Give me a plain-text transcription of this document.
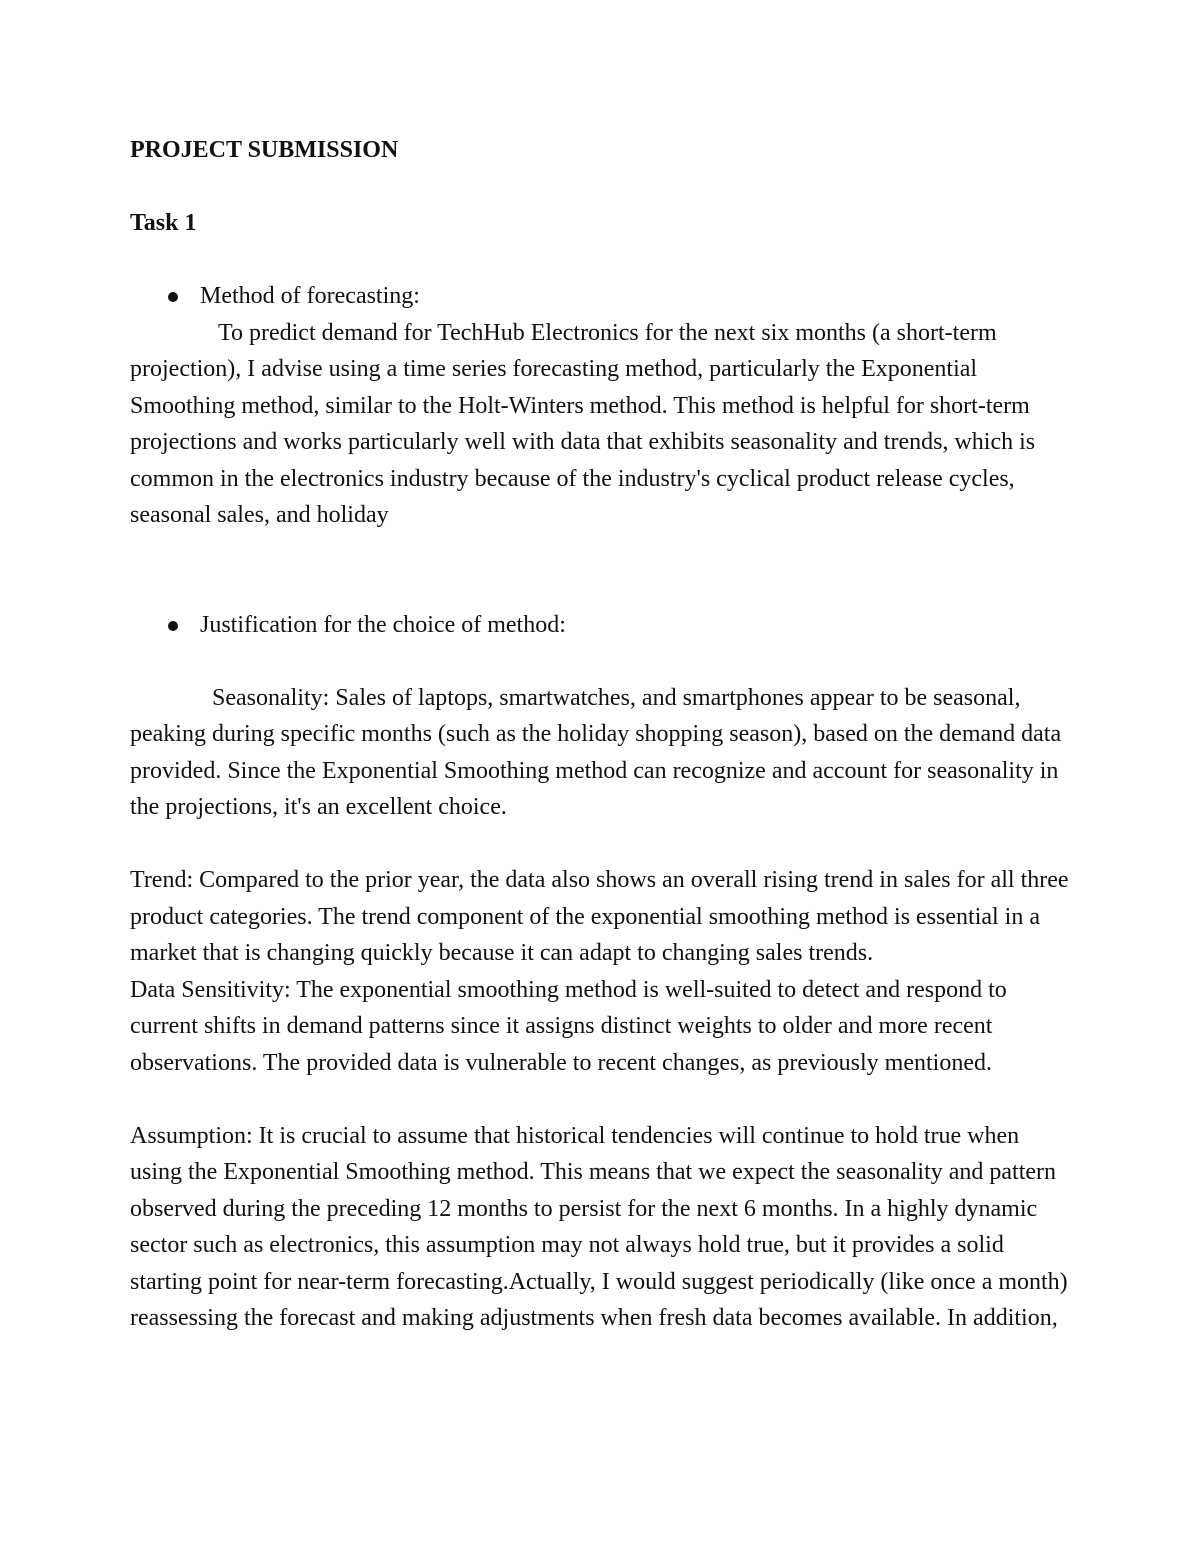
PROJECT SUBMISSION

Task 1

Method of forecasting:

To predict demand for TechHub Electronics for the next six months (a short-term projection), I advise using a time series forecasting method, particularly the Exponential Smoothing method, similar to the Holt-Winters method. This method is helpful for short-term projections and works particularly well with data that exhibits seasonality and trends, which is common in the electronics industry because of the industry's cyclical product release cycles, seasonal sales, and holiday

Justification for the choice of method:

Seasonality: Sales of laptops, smartwatches, and smartphones appear to be seasonal, peaking during specific months (such as the holiday shopping season), based on the demand data provided. Since the Exponential Smoothing method can recognize and account for seasonality in the projections, it's an excellent choice.

Trend: Compared to the prior year, the data also shows an overall rising trend in sales for all three product categories. The trend component of the exponential smoothing method is essential in a market that is changing quickly because it can adapt to changing sales trends.

Data Sensitivity: The exponential smoothing method is well-suited to detect and respond to current shifts in demand patterns since it assigns distinct weights to older and more recent observations. The provided data is vulnerable to recent changes, as previously mentioned.

Assumption: It is crucial to assume that historical tendencies will continue to hold true when using the Exponential Smoothing method. This means that we expect the seasonality and pattern observed during the preceding 12 months to persist for the next 6 months. In a highly dynamic sector such as electronics, this assumption may not always hold true, but it provides a solid starting point for near-term forecasting.Actually, I would suggest periodically (like once a month) reassessing the forecast and making adjustments when fresh data becomes available. In addition,
